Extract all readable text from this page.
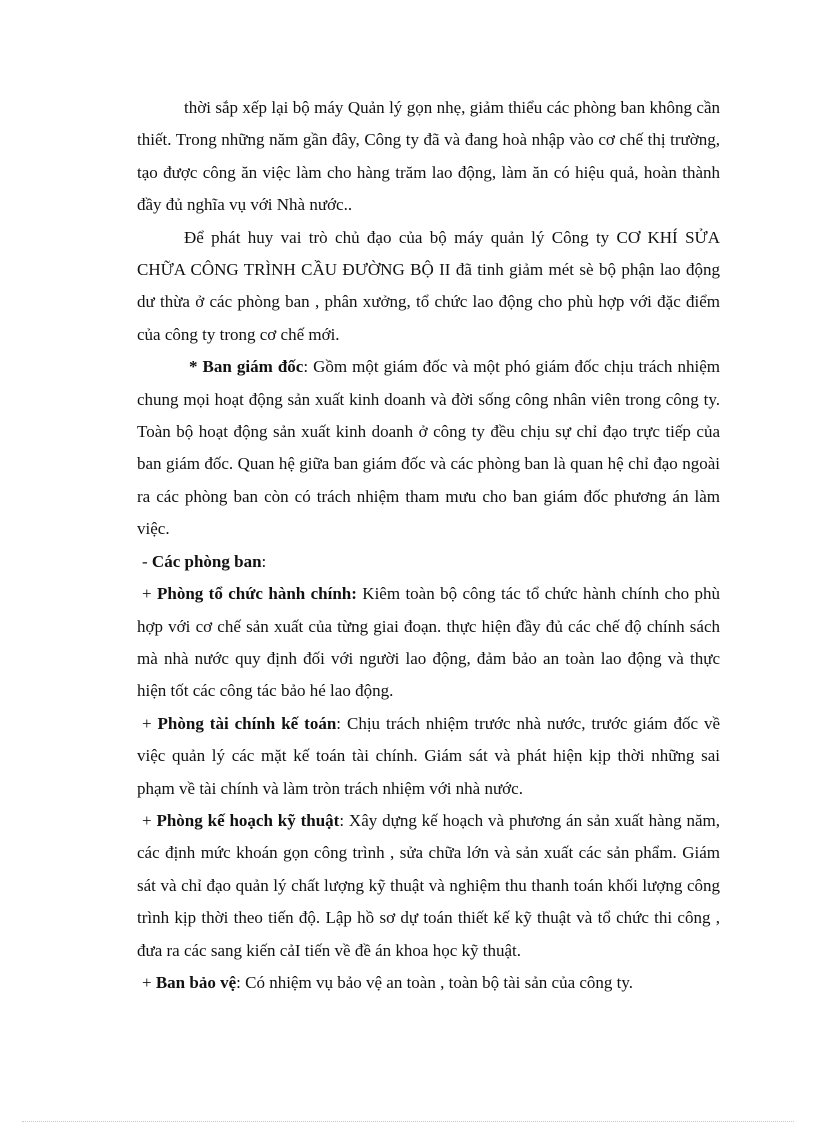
thời sắp xếp lại bộ máy Quản lý gọn nhẹ, giảm thiểu các phòng ban không cần thiết. Trong những năm gần đây, Công ty đã và đang hoà nhập vào cơ chế thị trường, tạo được công ăn việc làm cho hàng trăm lao động, làm ăn có hiệu quả, hoàn thành đầy đủ nghĩa vụ với Nhà nước..

Để phát huy vai trò chủ đạo của bộ máy quản lý Công ty CƠ KHÍ SỬA CHỮA CÔNG TRÌNH CẦU ĐƯỜNG BỘ II đã tinh giảm mét sè bộ phận lao động dư thừa ở các phòng ban , phân xưởng, tổ chức lao động cho phù hợp với đặc điểm của công ty trong cơ chế mới.

* Ban giám đốc: Gồm một giám đốc và một phó giám đốc chịu trách nhiệm chung mọi hoạt động sản xuất kinh doanh và đời sống công nhân viên trong công ty. Toàn bộ hoạt động sản xuất kinh doanh ở công ty đều chịu sự chỉ đạo trực tiếp của ban giám đốc. Quan hệ giữa ban giám đốc và các phòng ban là quan hệ chỉ đạo ngoài ra các phòng ban còn có trách nhiệm tham mưu cho ban giám đốc phương án làm việc.

- Các phòng ban:

+ Phòng tổ chức hành chính: Kiêm toàn bộ công tác tổ chức hành chính cho phù hợp với cơ chế sản xuất của từng giai đoạn. thực hiện đầy đủ các chế độ chính sách mà nhà nước quy định đối với người lao động, đảm bảo an toàn lao động và thực hiện tốt các công tác bảo hé lao động.

+ Phòng tài chính kế toán: Chịu trách nhiệm trước nhà nước, trước giám đốc về việc quản lý các mặt kế toán tài chính. Giám sát và phát hiện kịp thời những sai phạm về tài chính và làm tròn trách nhiệm với nhà nước.

+ Phòng kế hoạch kỹ thuật: Xây dựng kế hoạch và phương án sản xuất hàng năm, các định mức khoán gọn công trình , sửa chữa lớn và sản xuất các sản phẩm. Giám sát và chỉ đạo quản lý chất lượng kỹ thuật và nghiệm thu thanh toán khối lượng công trình kịp thời theo tiến độ. Lập hồ sơ dự toán thiết kế kỹ thuật và tổ chức thi công , đưa ra các sang kiến cảI tiến về đề án khoa học kỹ thuật.

+ Ban bảo vệ: Có nhiệm vụ bảo vệ an toàn , toàn bộ tài sản của công ty.
